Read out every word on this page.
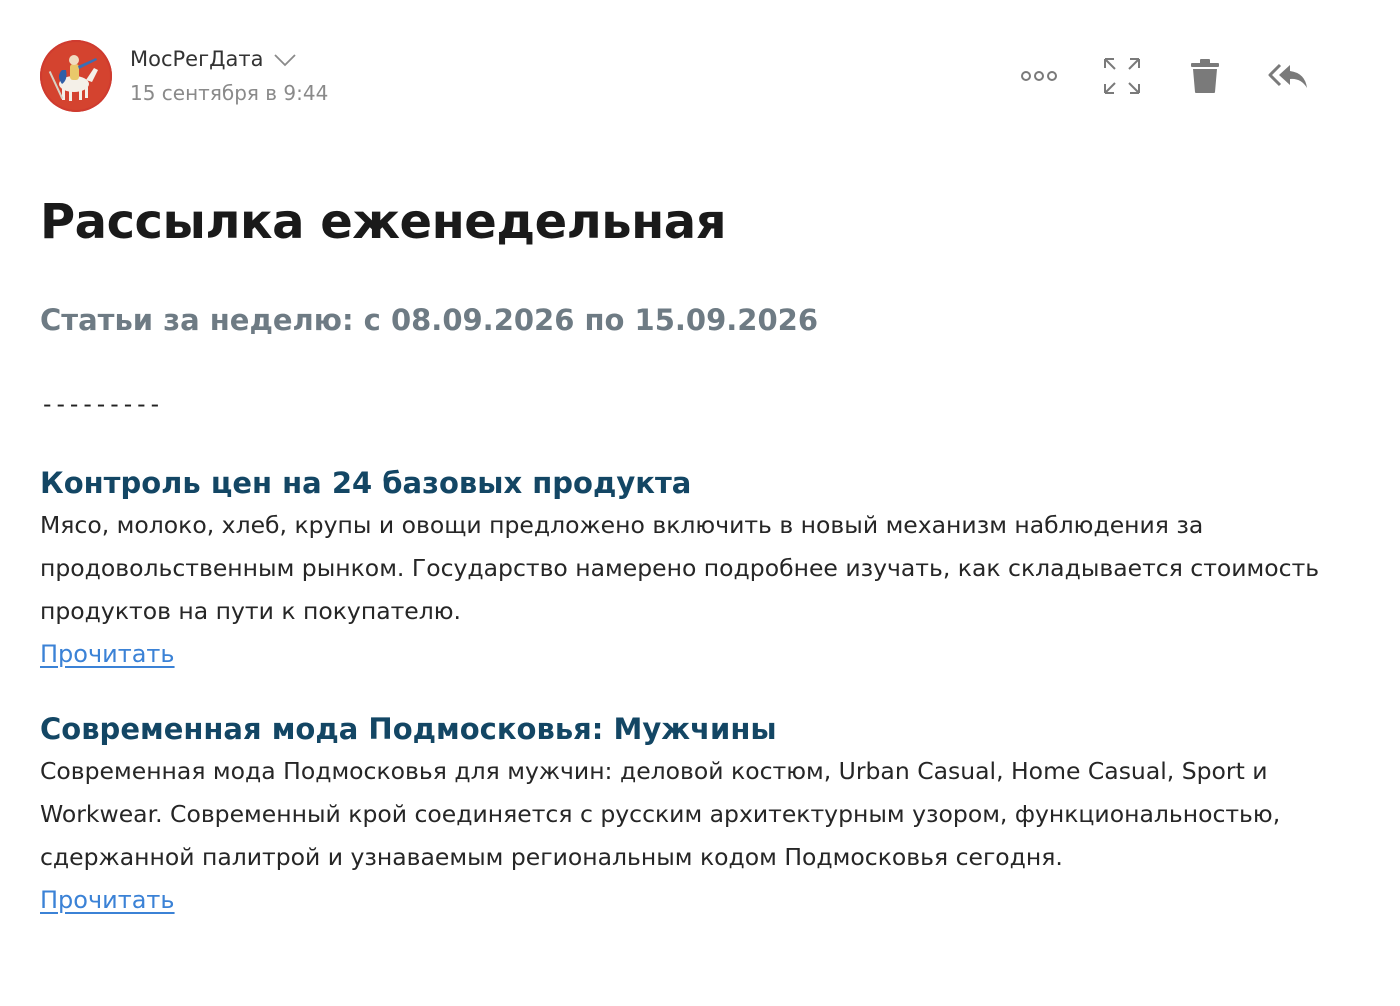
МосРегДата
15 сентября в 9:44
Рассылка еженедельная
Статьи за неделю: с 08.09.2026 по 15.09.2026
---------
Контроль цен на 24 базовых продукта
Мясо, молоко, хлеб, крупы и овощи предложено включить в новый механизм наблюдения за продовольственным рынком. Государство намерено подробнее изучать, как складывается стоимость продуктов на пути к покупателю.
Прочитать
Современная мода Подмосковья: Мужчины
Современная мода Подмосковья для мужчин: деловой костюм, Urban Casual, Home Casual, Sport и Workwear. Современный крой соединяется с русским архитектурным узором, функциональностью, сдержанной палитрой и узнаваемым региональным кодом Подмосковья сегодня.
Прочитать
